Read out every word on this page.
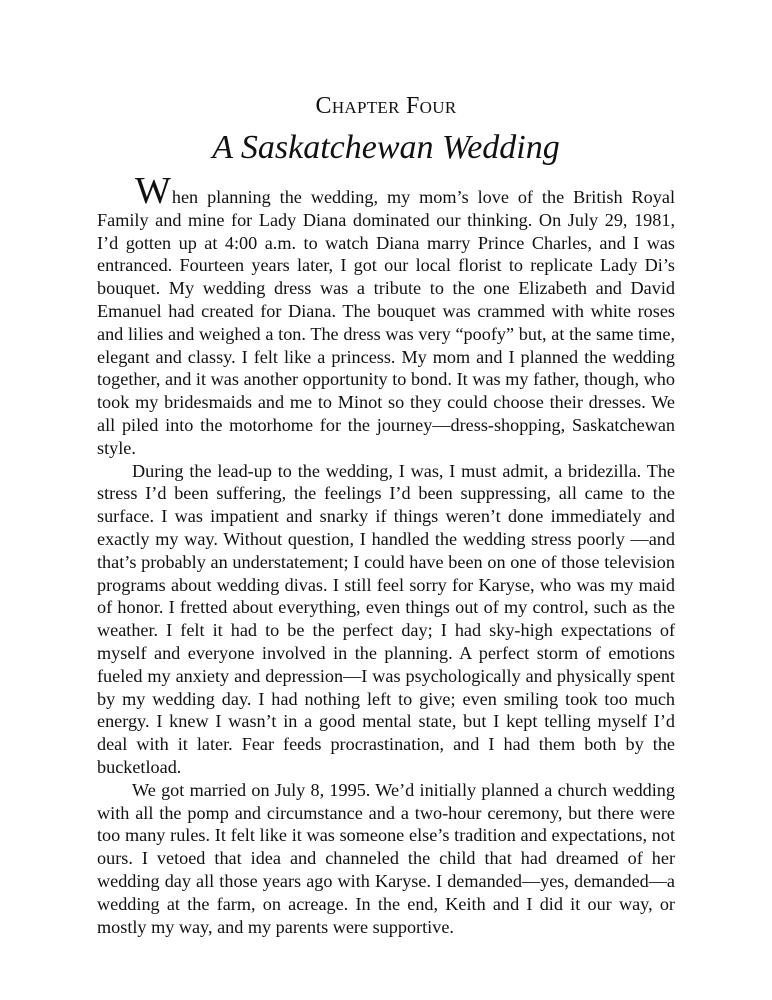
Chapter Four
A Saskatchewan Wedding

When planning the wedding, my mom’s love of the British Royal Family and mine for Lady Diana dominated our thinking. On July 29, 1981, I’d gotten up at 4:00 a.m. to watch Diana marry Prince Charles, and I was entranced. Fourteen years later, I got our local florist to replicate Lady Di’s bouquet. My wedding dress was a tribute to the one Elizabeth and David Emanuel had created for Diana. The bouquet was crammed with white roses and lilies and weighed a ton. The dress was very “poofy” but, at the same time, elegant and classy. I felt like a princess. My mom and I planned the wedding together, and it was another opportunity to bond. It was my father, though, who took my bridesmaids and me to Minot so they could choose their dresses. We all piled into the motorhome for the journey—dress-shopping, Saskatchewan style.

During the lead-up to the wedding, I was, I must admit, a bridezilla. The stress I’d been suffering, the feelings I’d been suppressing, all came to the surface. I was impatient and snarky if things weren’t done immediately and exactly my way. Without question, I handled the wedding stress poorly —and that’s probably an understatement; I could have been on one of those television programs about wedding divas. I still feel sorry for Karyse, who was my maid of honor. I fretted about everything, even things out of my control, such as the weather. I felt it had to be the perfect day; I had sky-high expectations of myself and everyone involved in the planning. A perfect storm of emotions fueled my anxiety and depression—I was psychologically and physically spent by my wedding day. I had nothing left to give; even smiling took too much energy. I knew I wasn’t in a good mental state, but I kept telling myself I’d deal with it later. Fear feeds procrastination, and I had them both by the bucketload.

We got married on July 8, 1995. We’d initially planned a church wedding with all the pomp and circumstance and a two-hour ceremony, but there were too many rules. It felt like it was someone else’s tradition and expectations, not ours. I vetoed that idea and channeled the child that had dreamed of her wedding day all those years ago with Karyse. I demanded—yes, demanded—a wedding at the farm, on acreage. In the end, Keith and I did it our way, or mostly my way, and my parents were supportive.
